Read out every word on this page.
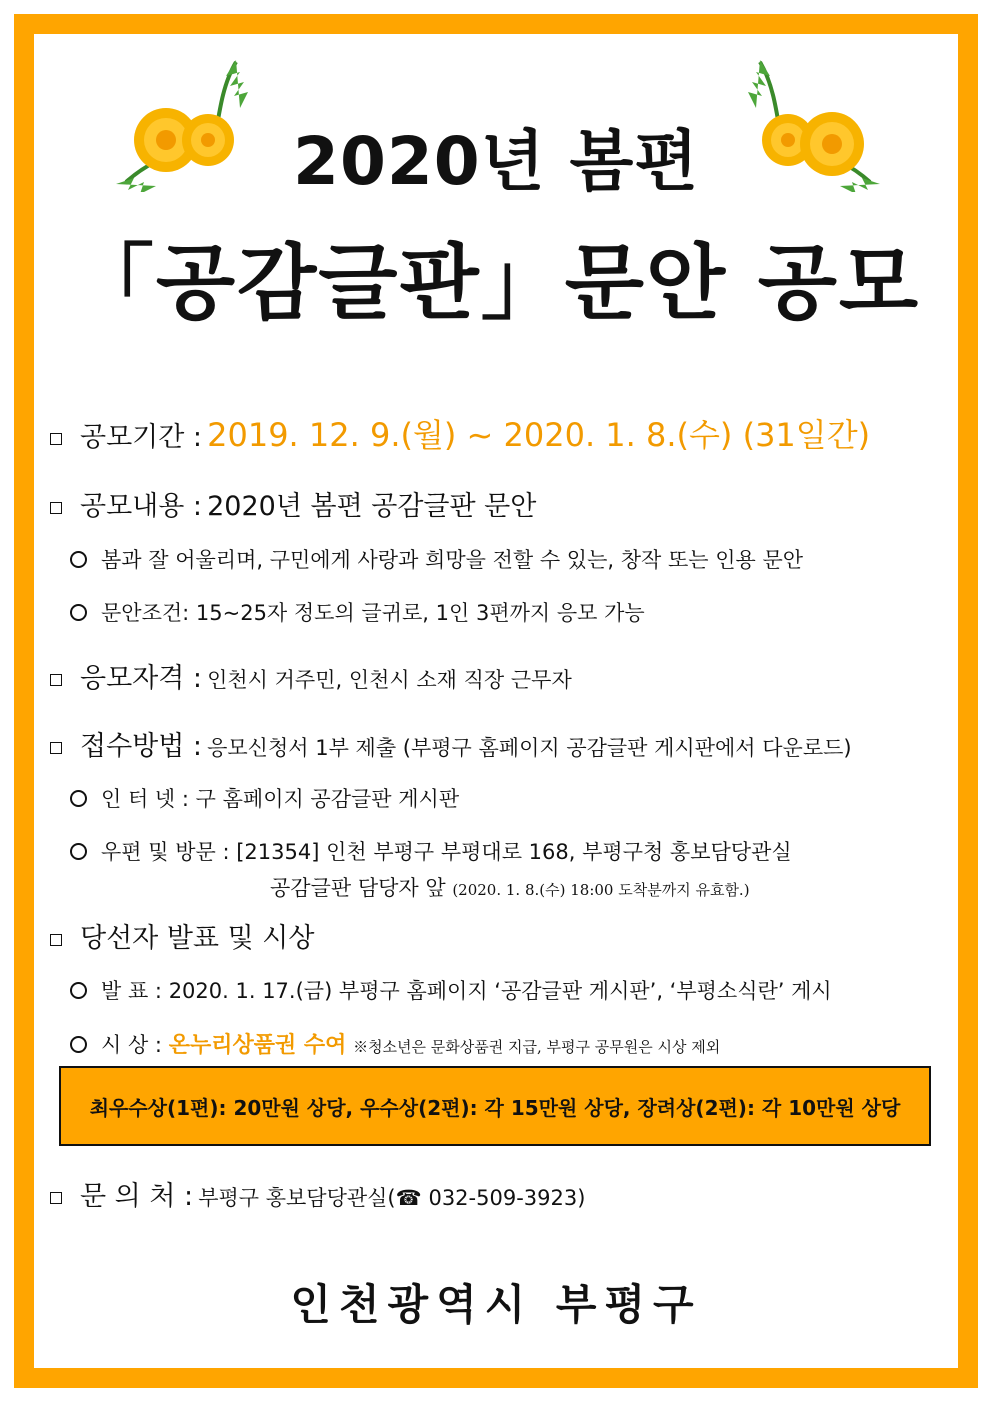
2020년 봄편
「공감글판」문안 공모
공모기간 : 2019. 12. 9.(월) ~ 2020. 1. 8.(수) (31일간)
공모내용 : 2020년 봄편 공감글판 문안
봄과 잘 어울리며, 구민에게 사랑과 희망을 전할 수 있는, 창작 또는 인용 문안
문안조건: 15~25자 정도의 글귀로, 1인 3편까지 응모 가능
응모자격 : 인천시 거주민, 인천시 소재 직장 근무자
접수방법 : 응모신청서 1부 제출 (부평구 홈페이지 공감글판 게시판에서 다운로드)
인 터 넷 : 구 홈페이지 공감글판 게시판
우편 및 방문 : [21354] 인천 부평구 부평대로 168, 부평구청 홍보담당관실
공감글판 담당자 앞 (2020. 1. 8.(수) 18:00 도착분까지 유효함.)
당선자 발표 및 시상
발 표 : 2020. 1. 17.(금) 부평구 홈페이지 ‘공감글판 게시판’, ‘부평소식란’ 게시
시 상 : 온누리상품권 수여 ※청소년은 문화상품권 지급, 부평구 공무원은 시상 제외
최우수상(1편): 20만원 상당, 우수상(2편): 각 15만원 상당, 장려상(2편): 각 10만원 상당
문 의 처 : 부평구 홍보담당관실(☎ 032-509-3923)
인천광역시 부평구
